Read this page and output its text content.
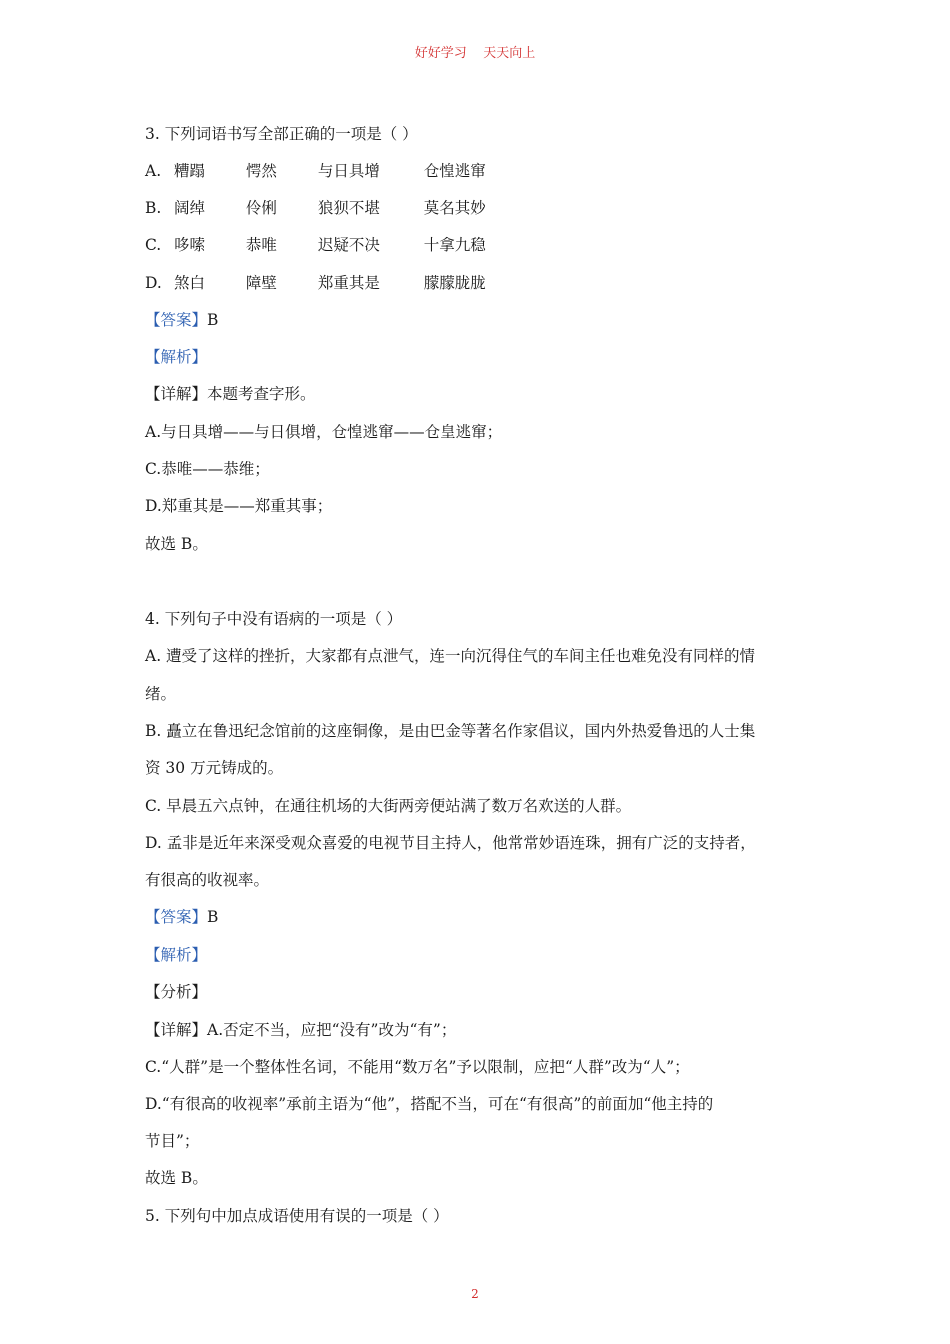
好好学习    天天向上
3. 下列词语书写全部正确的一项是（ ）
A. 糟蹋	愕然	与日具增	仓惶逃窜
B. 阔绰	伶俐	狼狈不堪	莫名其妙
C. 哆嗦	恭唯	迟疑不决	十拿九稳
D. 煞白	障壁	郑重其是	朦朦胧胧
【答案】B
【解析】
【详解】本题考查字形。
A.与日具增——与日俱增，仓惶逃窜——仓皇逃窜；
C.恭唯——恭维；
D.郑重其是——郑重其事；
故选 B。
4. 下列句子中没有语病的一项是（ ）
A. 遭受了这样的挫折，大家都有点泄气，连一向沉得住气的车间主任也难免没有同样的情
绪。
B. 矗立在鲁迅纪念馆前的这座铜像，是由巴金等著名作家倡议，国内外热爱鲁迅的人士集
资 30 万元铸成的。
C. 早晨五六点钟，在通往机场的大街两旁便站满了数万名欢送的人群。
D. 孟非是近年来深受观众喜爱的电视节目主持人，他常常妙语连珠，拥有广泛的支持者，
有很高的收视率。
【答案】B
【解析】
【分析】
【详解】A.否定不当，应把“没有”改为“有”；
C.“人群”是一个整体性名词，不能用“数万名”予以限制，应把“人群”改为“人”；
D.“有很高的收视率”承前主语为“他”，搭配不当，可在“有很高”的前面加“他主持的
节目”；
故选 B。
5. 下列句中加点成语使用有误的一项是（ ）
2
